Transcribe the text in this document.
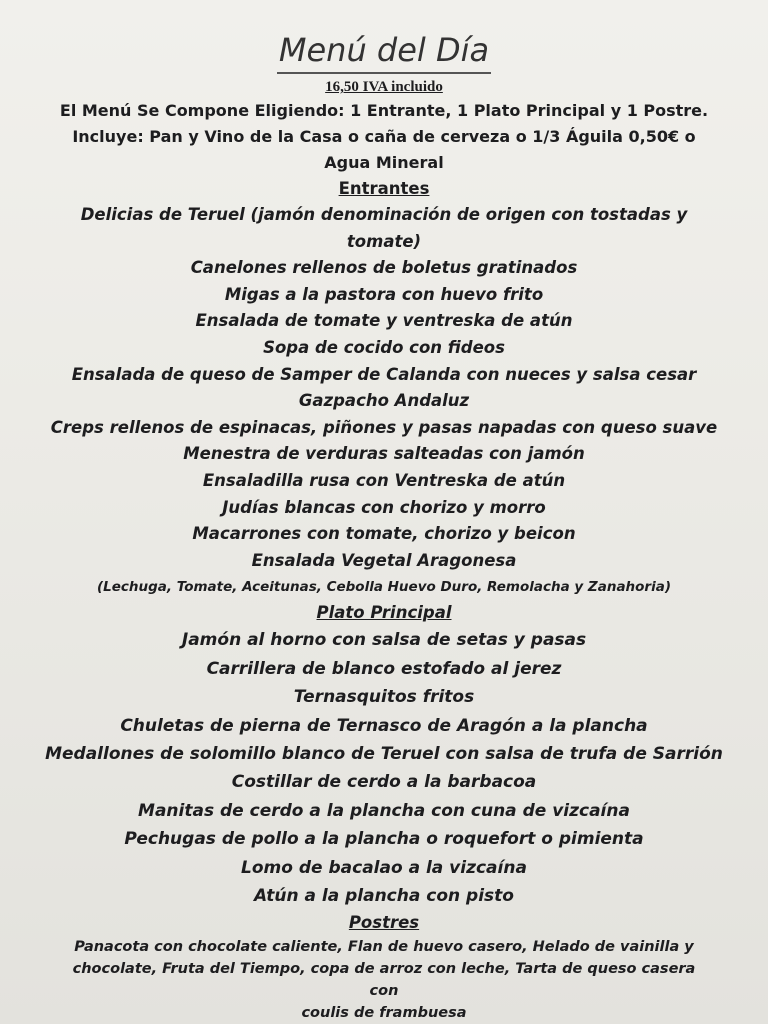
Menú del Día
16,50 IVA incluido
El Menú Se Compone Eligiendo: 1 Entrante, 1 Plato Principal y 1 Postre.
Incluye: Pan y Vino de la Casa o caña de cerveza o 1/3 Águila 0,50€ o
Agua Mineral
Entrantes
Delicias de Teruel (jamón denominación de origen con tostadas y
tomate)
Canelones rellenos de boletus gratinados
Migas a la pastora con huevo frito
Ensalada de tomate y ventreska de atún
Sopa de cocido con fideos
Ensalada de queso de Samper de Calanda con nueces y salsa cesar
Gazpacho Andaluz
Creps rellenos de espinacas, piñones y pasas napadas con queso suave
Menestra de verduras salteadas con jamón
Ensaladilla rusa con Ventreska de atún
Judías blancas con chorizo y morro
Macarrones con tomate, chorizo y beicon
Ensalada Vegetal Aragonesa
(Lechuga, Tomate, Aceitunas, Cebolla Huevo Duro, Remolacha y Zanahoria)
Plato Principal
Jamón al horno con salsa de setas y pasas
Carrillera de blanco estofado al jerez
Ternasquitos fritos
Chuletas de pierna de Ternasco de Aragón a la plancha
Medallones de solomillo blanco de Teruel con salsa de trufa de Sarrión
Costillar de cerdo a la barbacoa
Manitas de cerdo a la plancha con cuna de vizcaína
Pechugas de pollo a la plancha o roquefort o pimienta
Lomo de bacalao a la vizcaína
Atún a la plancha con pisto
Postres
Panacota con chocolate caliente, Flan de huevo casero, Helado de vainilla y
chocolate, Fruta del Tiempo, copa de arroz con leche, Tarta de queso casera con
coulis de frambuesa
